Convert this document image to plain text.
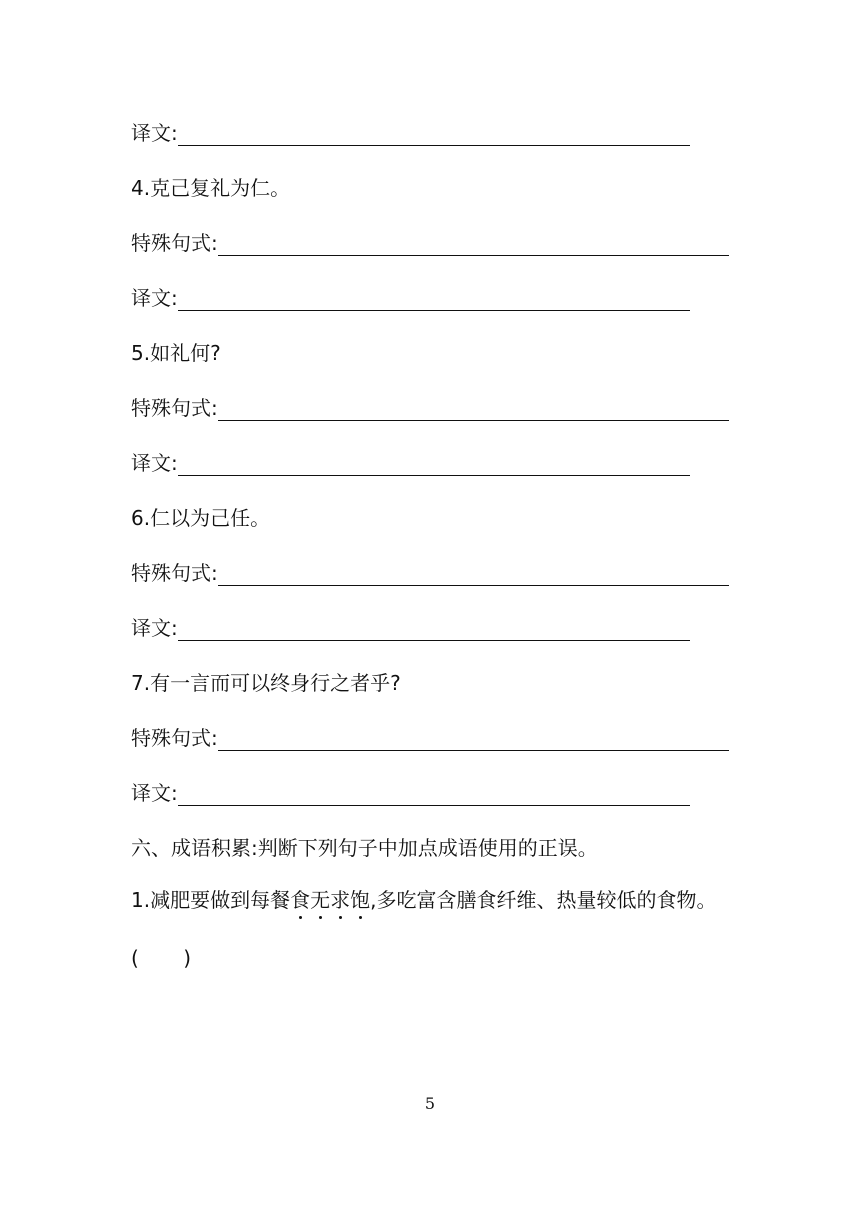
译文:
4.克己复礼为仁。
特殊句式:
译文:
5.如礼何?
特殊句式:
译文:
6.仁以为己任。
特殊句式:
译文:
7.有一言而可以终身行之者乎?
特殊句式:
译文:
六、成语积累:判断下列句子中加点成语使用的正误。
1.减肥要做到每餐食无求饱,多吃富含膳食纤维、热量较低的食物。
(       )
5
